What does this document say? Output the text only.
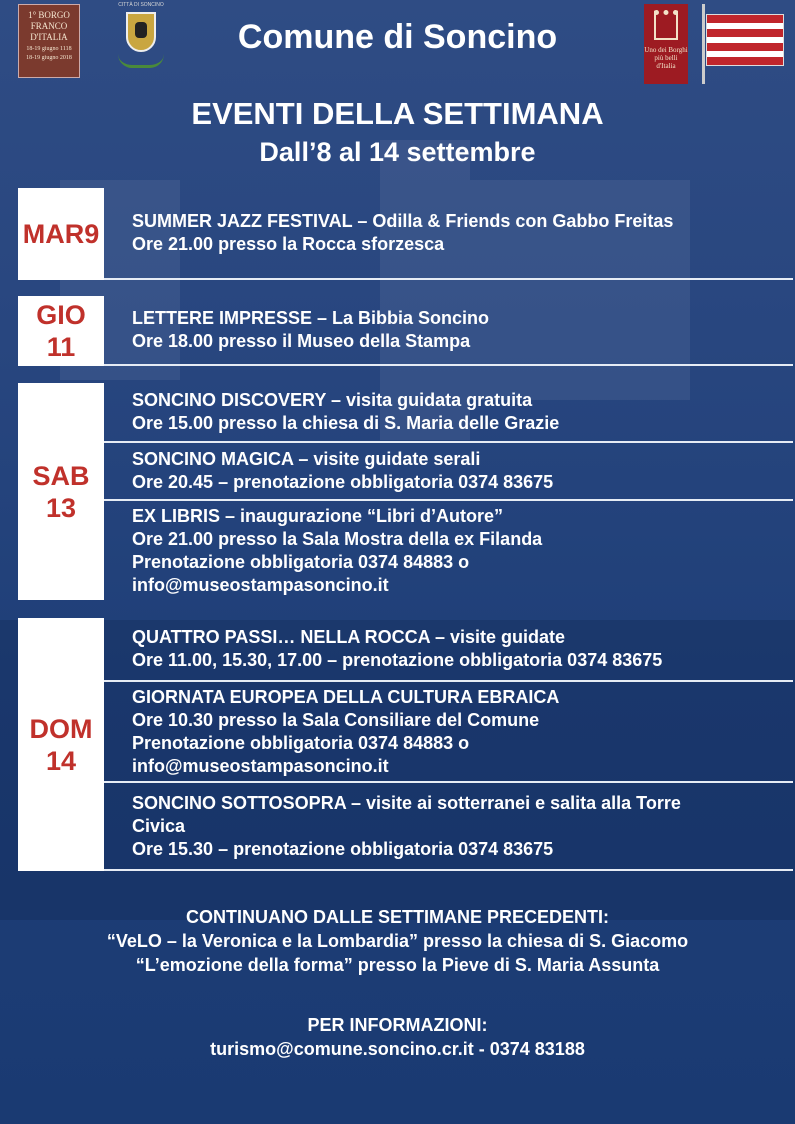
1° BORGO
FRANCO
D'ITALIA
18-19 giugno 1118
18-19 giugno 2018
CITTÀ DI SONCINO
Comune di Soncino	Uno dei Borghi più belli d'Italia
EVENTI DELLA SETTIMANA
Dall’8 al 14 settembre
MAR9 SUMMER JAZZ FESTIVAL – Odilla & Friends con Gabbo Freitas
Ore 21.00 presso la Rocca sforzesca
GIO
11
LETTERE IMPRESSE – La Bibbia Soncino
Ore 18.00 presso il Museo della Stampa
SAB
13
SONCINO DISCOVERY – visita guidata gratuita
Ore 15.00 presso la chiesa di S. Maria delle Grazie
SONCINO MAGICA – visite guidate serali
Ore 20.45 – prenotazione obbligatoria 0374 83675
EX LIBRIS – inaugurazione “Libri d’Autore”
Ore 21.00 presso la Sala Mostra della ex Filanda
Prenotazione obbligatoria 0374 84883 o
info@museostampasoncino.it
DOM
14
QUATTRO PASSI… NELLA ROCCA – visite guidate
Ore 11.00, 15.30, 17.00 – prenotazione obbligatoria 0374 83675
GIORNATA EUROPEA DELLA CULTURA EBRAICA
Ore 10.30 presso la Sala Consiliare del Comune
Prenotazione obbligatoria 0374 84883 o
info@museostampasoncino.it
SONCINO SOTTOSOPRA – visite ai sotterranei e salita alla Torre
Civica
Ore 15.30 – prenotazione obbligatoria 0374 83675
CONTINUANO DALLE SETTIMANE PRECEDENTI:
“VeLO – la Veronica e la Lombardia” presso la chiesa di S. Giacomo
“L’emozione della forma” presso la Pieve di S. Maria Assunta
PER INFORMAZIONI:
turismo@comune.soncino.cr.it - 0374 83188
